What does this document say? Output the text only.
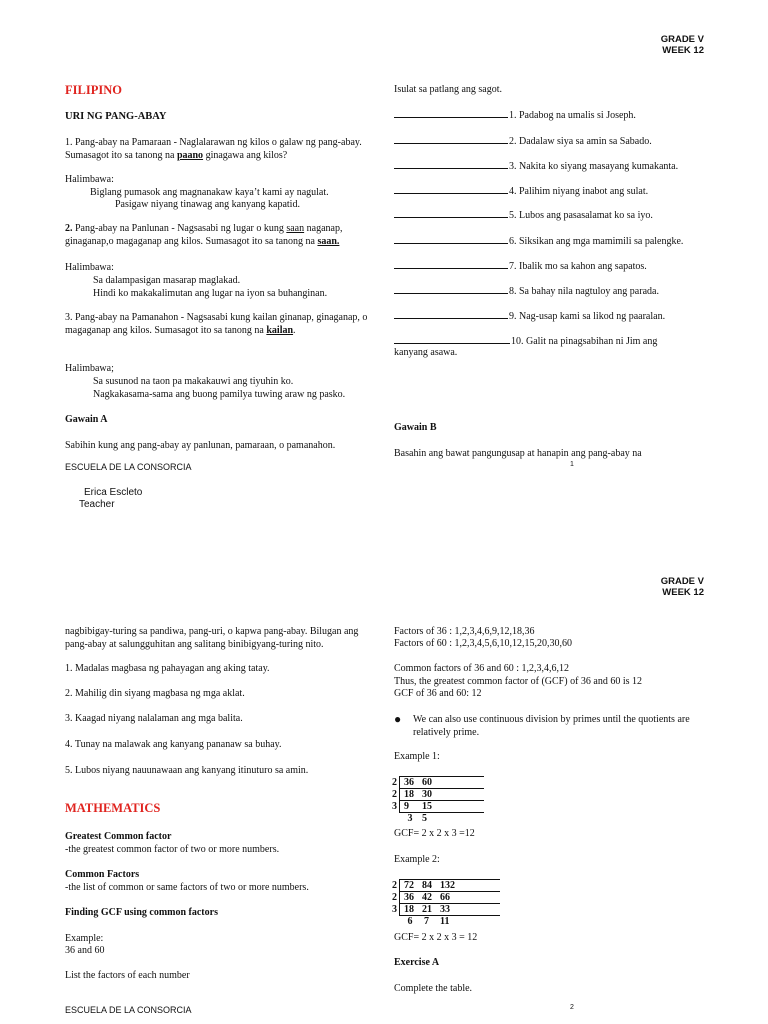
GRADE V
WEEK 12
FILIPINO
URI NG PANG-ABAY
1. Pang-abay na Pamaraan - Naglalarawan ng kilos o galaw ng pang-abay. Sumasagot ito sa tanong na paano ginagawa ang kilos?
Halimbawa:
Biglang pumasok ang magnanakaw kaya’t kami ay nagulat.
Pasigaw niyang tinawag ang kanyang kapatid.
2. Pang-abay na Panlunan - Nagsasabi ng lugar o kung saan naganap, ginaganap,o magaganap ang kilos. Sumasagot ito sa tanong na saan.
Halimbawa:
Sa dalampasigan masarap maglakad.
Hindi ko makakalimutan ang lugar na iyon sa buhanginan.
3. Pang-abay na Pamanahon - Nagsasabi kung kailan ginanap, ginaganap, o magaganap ang kilos. Sumasagot ito sa tanong na kailan.
Halimbawa;
Sa susunod na taon pa makakauwi ang tiyuhin ko.
Nagkakasama-sama ang buong pamilya tuwing araw ng pasko.
Gawain A
Sabihin kung ang pang-abay ay panlunan, pamaraan, o pamanahon.
ESCUELA DE LA CONSORCIA
Erica Escleto
Teacher
Isulat sa patlang ang sagot.
1. Padabog na umalis si Joseph.
2. Dadalaw siya sa amin sa Sabado.
3. Nakita ko siyang masayang kumakanta.
4. Palihim niyang inabot ang sulat.
5. Lubos ang pasasalamat ko sa iyo.
6. Siksikan ang mga mamimili sa palengke.
7. Ibalik mo sa kahon ang sapatos.
8. Sa bahay nila nagtuloy ang parada.
9. Nag-usap kami sa likod ng paaralan.
10. Galit na pinagsabihan ni Jim ang
kanyang asawa.
Gawain B
Basahin ang bawat pangungusap at hanapin ang pang-abay na
1
GRADE V
WEEK 12
nagbibigay-turing sa pandiwa, pang-uri, o kapwa pang-abay. Bilugan ang pang-abay at salungguhitan ang salitang binibigyang-turing nito.
1. Madalas magbasa ng pahayagan ang aking tatay.
2. Mahilig din siyang magbasa ng mga aklat.
3. Kaagad niyang nalalaman ang mga balita.
4. Tunay na malawak ang kanyang pananaw sa buhay.
5. Lubos niyang nauunawaan ang kanyang itinuturo sa amin.
MATHEMATICS
Greatest Common factor
-the greatest common factor of two or more numbers.
Common Factors
-the list of common or same factors of two or more numbers.
Finding GCF using common factors
Example:
36 and 60
List the factors of each number
ESCUELA DE LA CONSORCIA
Factors of 36 : 1,2,3,4,6,9,12,18,36
Factors of 60 : 1,2,3,4,5,6,10,12,15,20,30,60
Common factors of 36 and 60 : 1,2,3,4,6,12
Thus, the greatest common factor of (GCF) of 36 and 60 is 12
GCF of 36 and 60: 12
● We can also use continuous division by primes until the quotients are relatively prime.
Example 1:
2	36	60
2	18	30
3	9	15
	3	5
GCF= 2 x 2 x 3 =12
Example 2:
2	72	84	132
2	36	42	66
3	18	21	33
	6	7	11
GCF= 2 x 2 x 3 = 12
Exercise A
Complete the table.
2
